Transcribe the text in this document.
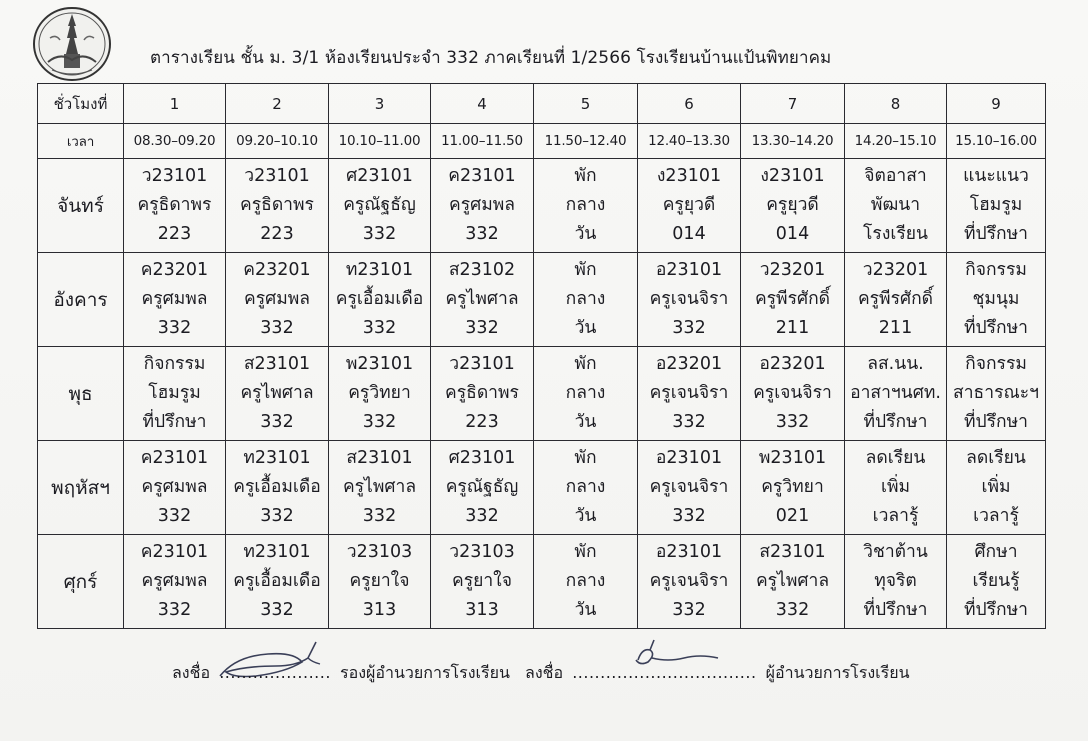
ตารางเรียน ชั้น ม. 3/1 ห้องเรียนประจำ 332 ภาคเรียนที่ 1/2566 โรงเรียนบ้านแป้นพิทยาคม
ชั่วโมงที่	1	2	3	4	5	6	7	8	9
เวลา	08.30–09.20	09.20–10.10	10.10–11.00	11.00–11.50	11.50–12.40	12.40–13.30	13.30–14.20	14.20–15.10	15.10–16.00
จันทร์	ว23101
ครูธิดาพร
223	ว23101
ครูธิดาพร
223	ศ23101
ครูณัฐธัญ
332	ค23101
ครูศมพล
332	พัก
กลาง
วัน	ง23101
ครูยุวดี
014	ง23101
ครูยุวดี
014	จิตอาสา
พัฒนา
โรงเรียน	แนะแนว
โฮมรูม
ที่ปรึกษา

อังคาร	ค23201
ครูศมพล
332	ค23201
ครูศมพล
332	ท23101
ครูเอื้อมเดือ
332	ส23102
ครูไพศาล
332	พัก
กลาง
วัน	อ23101
ครูเจนจิรา
332	ว23201
ครูพีรศักดิ์
211	ว23201
ครูพีรศักดิ์
211	กิจกรรม
ชุมนุม
ที่ปรึกษา

พุธ	กิจกรรม
โฮมรูม
ที่ปรึกษา	ส23101
ครูไพศาล
332	พ23101
ครูวิทยา
332	ว23101
ครูธิดาพร
223	พัก
กลาง
วัน	อ23201
ครูเจนจิรา
332	อ23201
ครูเจนจิรา
332	ลส.นน.
อาสาฯนศท.
ที่ปรึกษา	กิจกรรม
สาธารณะฯ
ที่ปรึกษา

พฤหัสฯ	ค23101
ครูศมพล
332	ท23101
ครูเอื้อมเดือ
332	ส23101
ครูไพศาล
332	ศ23101
ครูณัฐธัญ
332	พัก
กลาง
วัน	อ23101
ครูเจนจิรา
332	พ23101
ครูวิทยา
021	ลดเรียน
เพิ่ม
เวลารู้	ลดเรียน
เพิ่ม
เวลารู้

ศุกร์	ค23101
ครูศมพล
332	ท23101
ครูเอื้อมเดือ
332	ว23103
ครูยาใจ
313	ว23103
ครูยาใจ
313	พัก
กลาง
วัน	อ23101
ครูเจนจิรา
332	ส23101
ครูไพศาล
332	วิชาต้าน
ทุจริต
ที่ปรึกษา	ศึกษา
เรียนรู้
ที่ปรึกษา
ลงชื่อ .................... รองผู้อำนวยการโรงเรียน ลงชื่อ ................................. ผู้อำนวยการโรงเรียน
